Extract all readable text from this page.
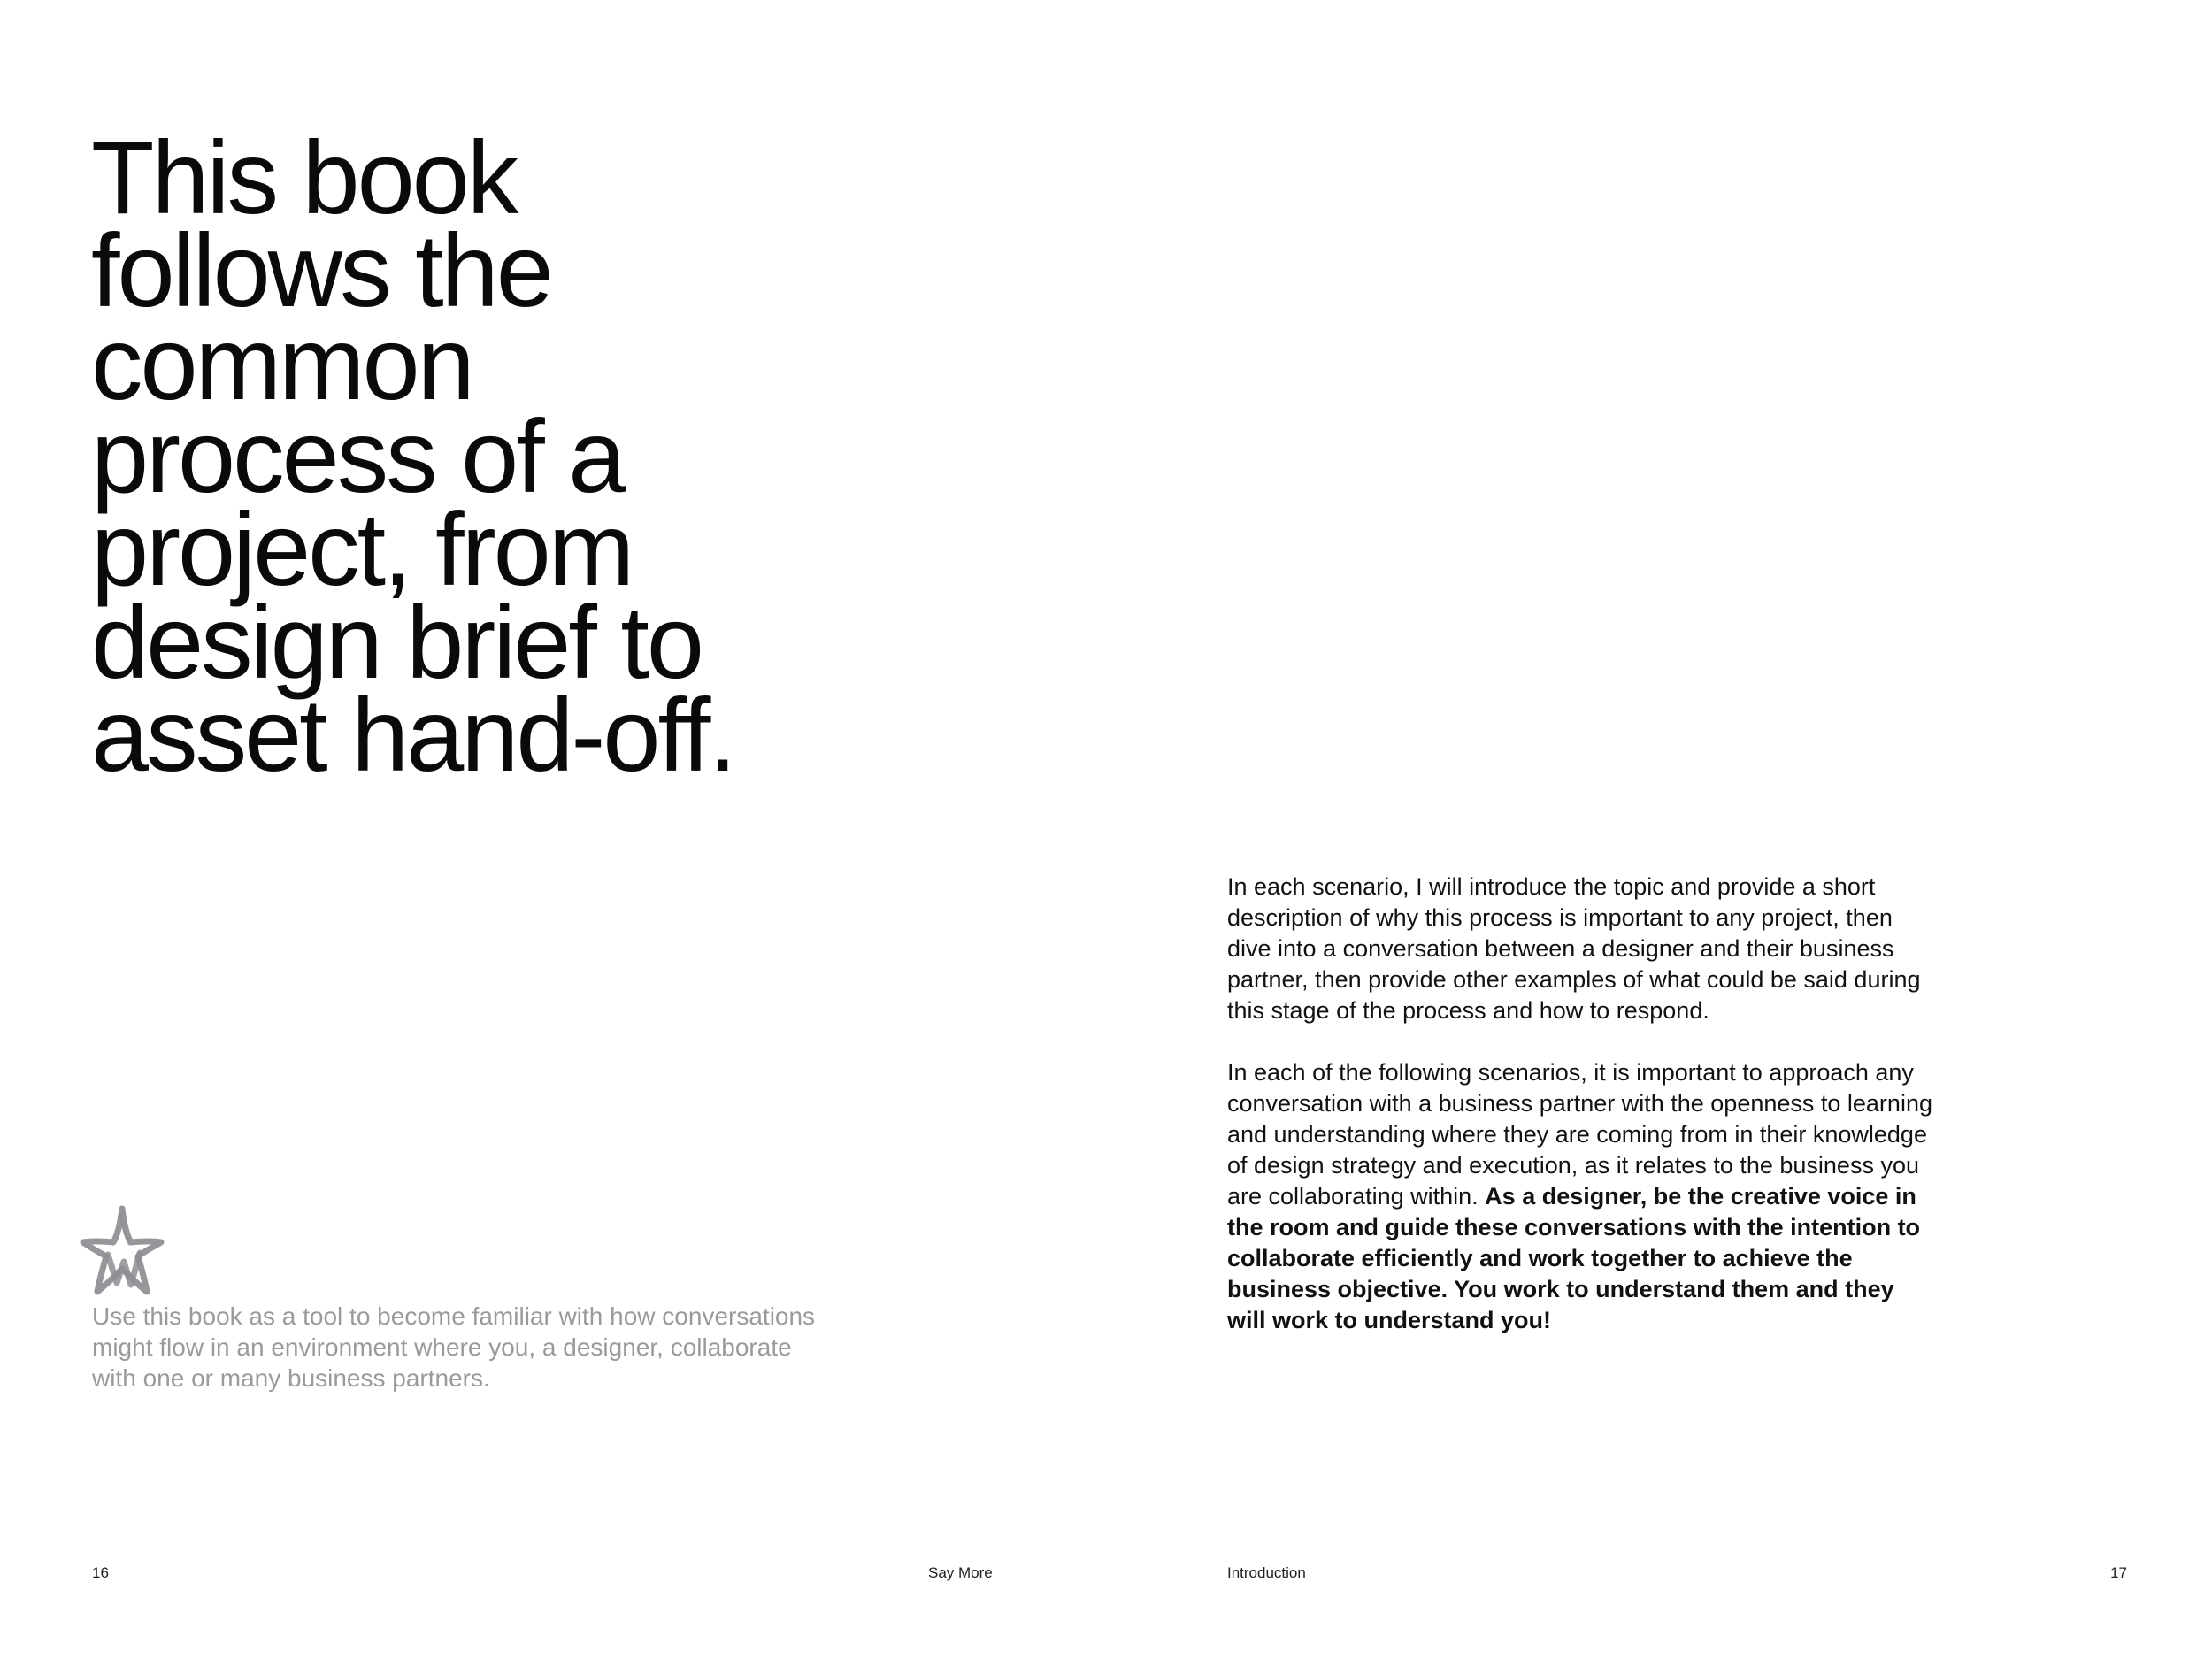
This book
follows the
common
process of a
project, from
design brief to
asset hand-off.

Use this book as a tool to become familiar with how conversations might flow in an environment where you, a designer, collaborate with one or many business partners.

16	Say More

In each scenario, I will introduce the topic and provide a short description of why this process is important to any project, then dive into a conversation between a designer and their business partner, then provide other examples of what could be said during this stage of the process and how to respond.

In each of the following scenarios, it is important to approach any conversation with a business partner with the openness to learning and understanding where they are coming from in their knowledge of design strategy and execution, as it relates to the business you are collaborating within. As a designer, be the creative voice in the room and guide these conversations with the intention to collaborate efficiently and work together to achieve the business objective. You work to understand them and they will work to understand you!

Introduction	17
